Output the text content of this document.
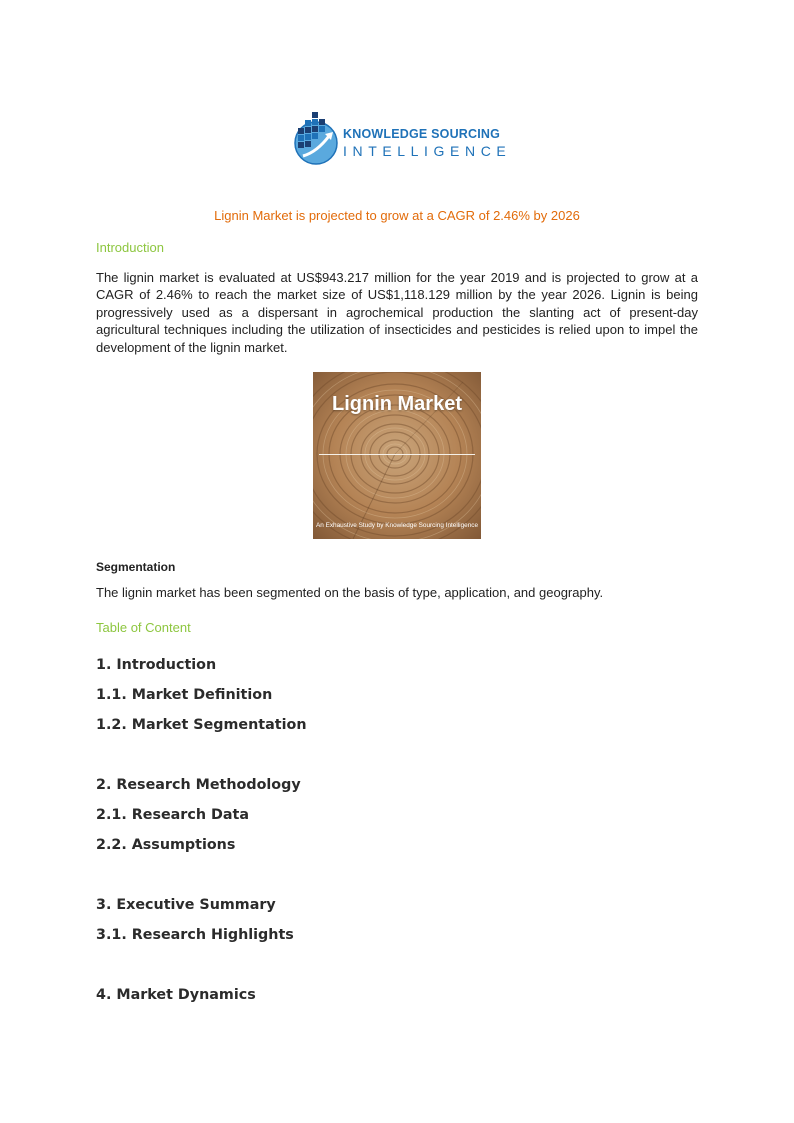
KNOWLEDGE SOURCING
INTELLIGENCE
Lignin Market is projected to grow at a CAGR of 2.46% by 2026
Introduction
The lignin market is evaluated at US$943.217 million for the year 2019 and is projected to grow at a CAGR of 2.46% to reach the market size of US$1,118.129 million by the year 2026. Lignin is being progressively used as a dispersant in agrochemical production the slanting act of present-day agricultural techniques including the utilization of insecticides and pesticides is relied upon to impel the development of the lignin market.
Lignin Market
An Exhaustive Study by Knowledge Sourcing Intelligence
Segmentation
The lignin market has been segmented on the basis of type, application, and geography.
Table of Content
1. Introduction
1.1. Market Definition
1.2. Market Segmentation
2. Research Methodology
2.1. Research Data
2.2. Assumptions
3. Executive Summary
3.1. Research Highlights
4. Market Dynamics
